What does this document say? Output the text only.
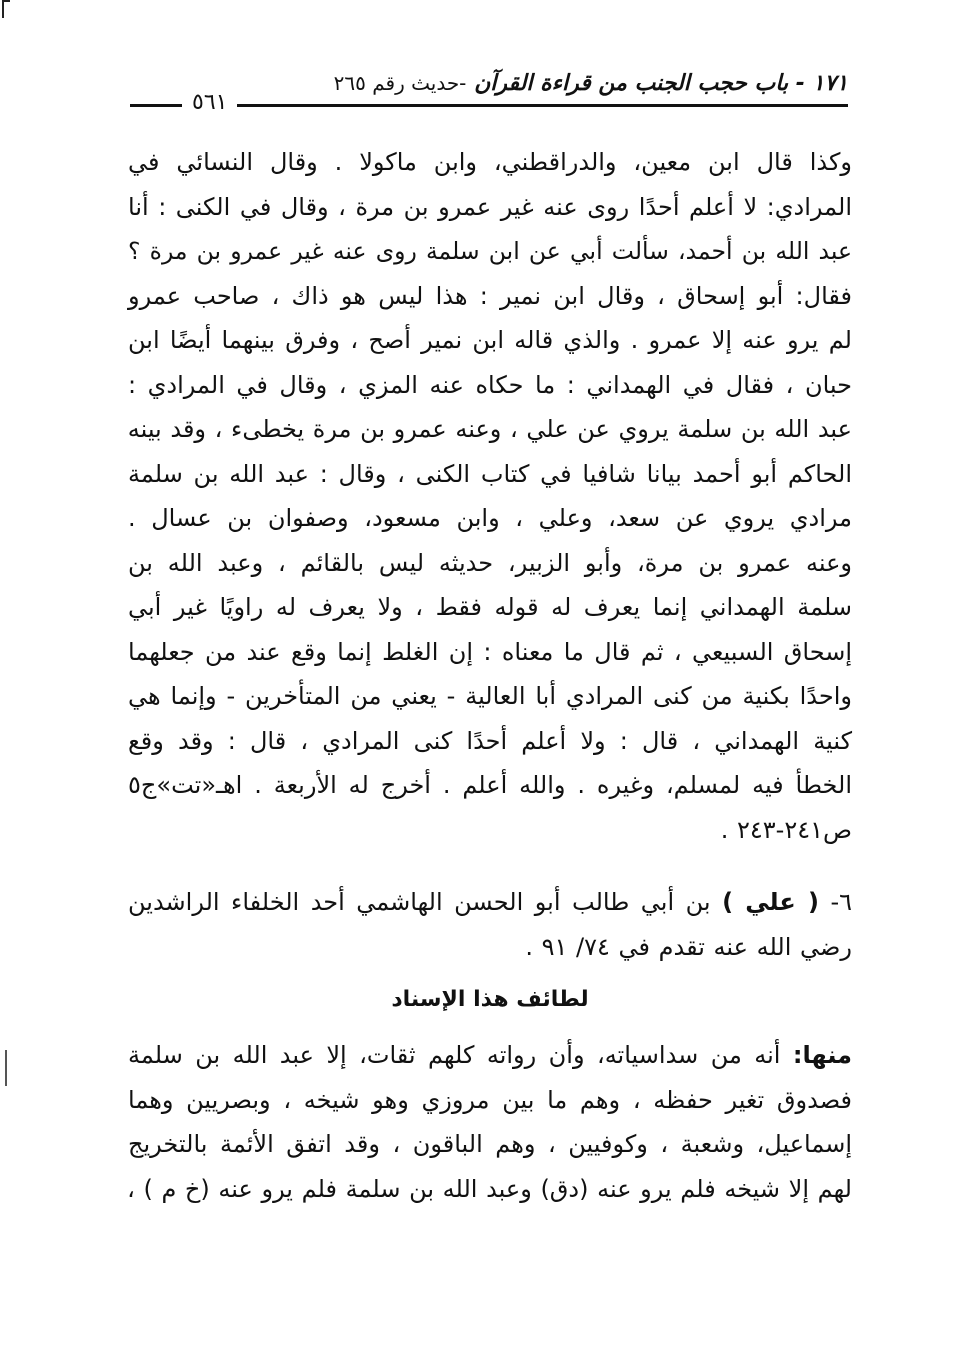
١٧١ - باب حجب الجنب من قراءة القرآن -حديث رقم ٢٦٥
٥٦١
وكذا قال ابن معين، والدراقطني، وابن ماكولا . وقال النسائي في
المرادي: لا أعلم أحدًا روى عنه غير عمرو بن مرة ، وقال في الكنى : أنا
عبد الله بن أحمد، سألت أبي عن ابن سلمة روى عنه غير عمرو بن مرة ؟
فقال: أبو إسحاق ، وقال ابن نمير : هذا ليس هو ذاك ، صاحب عمرو
لم يرو عنه إلا عمرو . والذي قاله ابن نمير أصح ، وفرق بينهما أيضًا ابن
حبان ، فقال في الهمداني : ما حكاه عنه المزي ، وقال في المرادي :
عبد الله بن سلمة يروي عن علي ، وعنه عمرو بن مرة يخطىء ، وقد بينه
الحاكم أبو أحمد بيانا شافيا في كتاب الكنى ، وقال : عبد الله بن سلمة
مرادي يروي عن سعد، وعلي ، وابن مسعود، وصفوان بن عسال .
وعنه عمرو بن مرة، وأبو الزبير، حديثه ليس بالقائم ، وعبد الله بن
سلمة الهمداني إنما يعرف له قوله فقط ، ولا يعرف له راويًا غير أبي
إسحاق السبيعي ، ثم قال ما معناه : إن الغلط إنما وقع عند من جعلهما
واحدًا بكنية من كنى المرادي أبا العالية - يعني من المتأخرين - وإنما هي
كنية الهمداني ، قال : ولا أعلم أحدًا كنى المرادي ، قال : وقد وقع
الخطأ فيه لمسلم، وغيره . والله أعلم . أخرج له الأربعة . اهـ«تت»ج٥
ص٢٤١-٢٤٣ .
٦- ( علي ) بن أبي طالب أبو الحسن الهاشمي أحد الخلفاء الراشدين
رضي الله عنه تقدم في ٧٤/ ٩١ .
لطائف هذا الإسناد
منها: أنه من سداسياته، وأن رواته كلهم ثقات، إلا عبد الله بن سلمة
فصدوق تغير حفظه ، وهم ما بين مروزي وهو شيخه ، وبصريين وهما
إسماعيل، وشعبة ، وكوفيين ، وهم الباقون ، وقد اتفق الأئمة بالتخريج
لهم إلا شيخه فلم يرو عنه (دق) وعبد الله بن سلمة فلم يرو عنه (خ م ) ،
